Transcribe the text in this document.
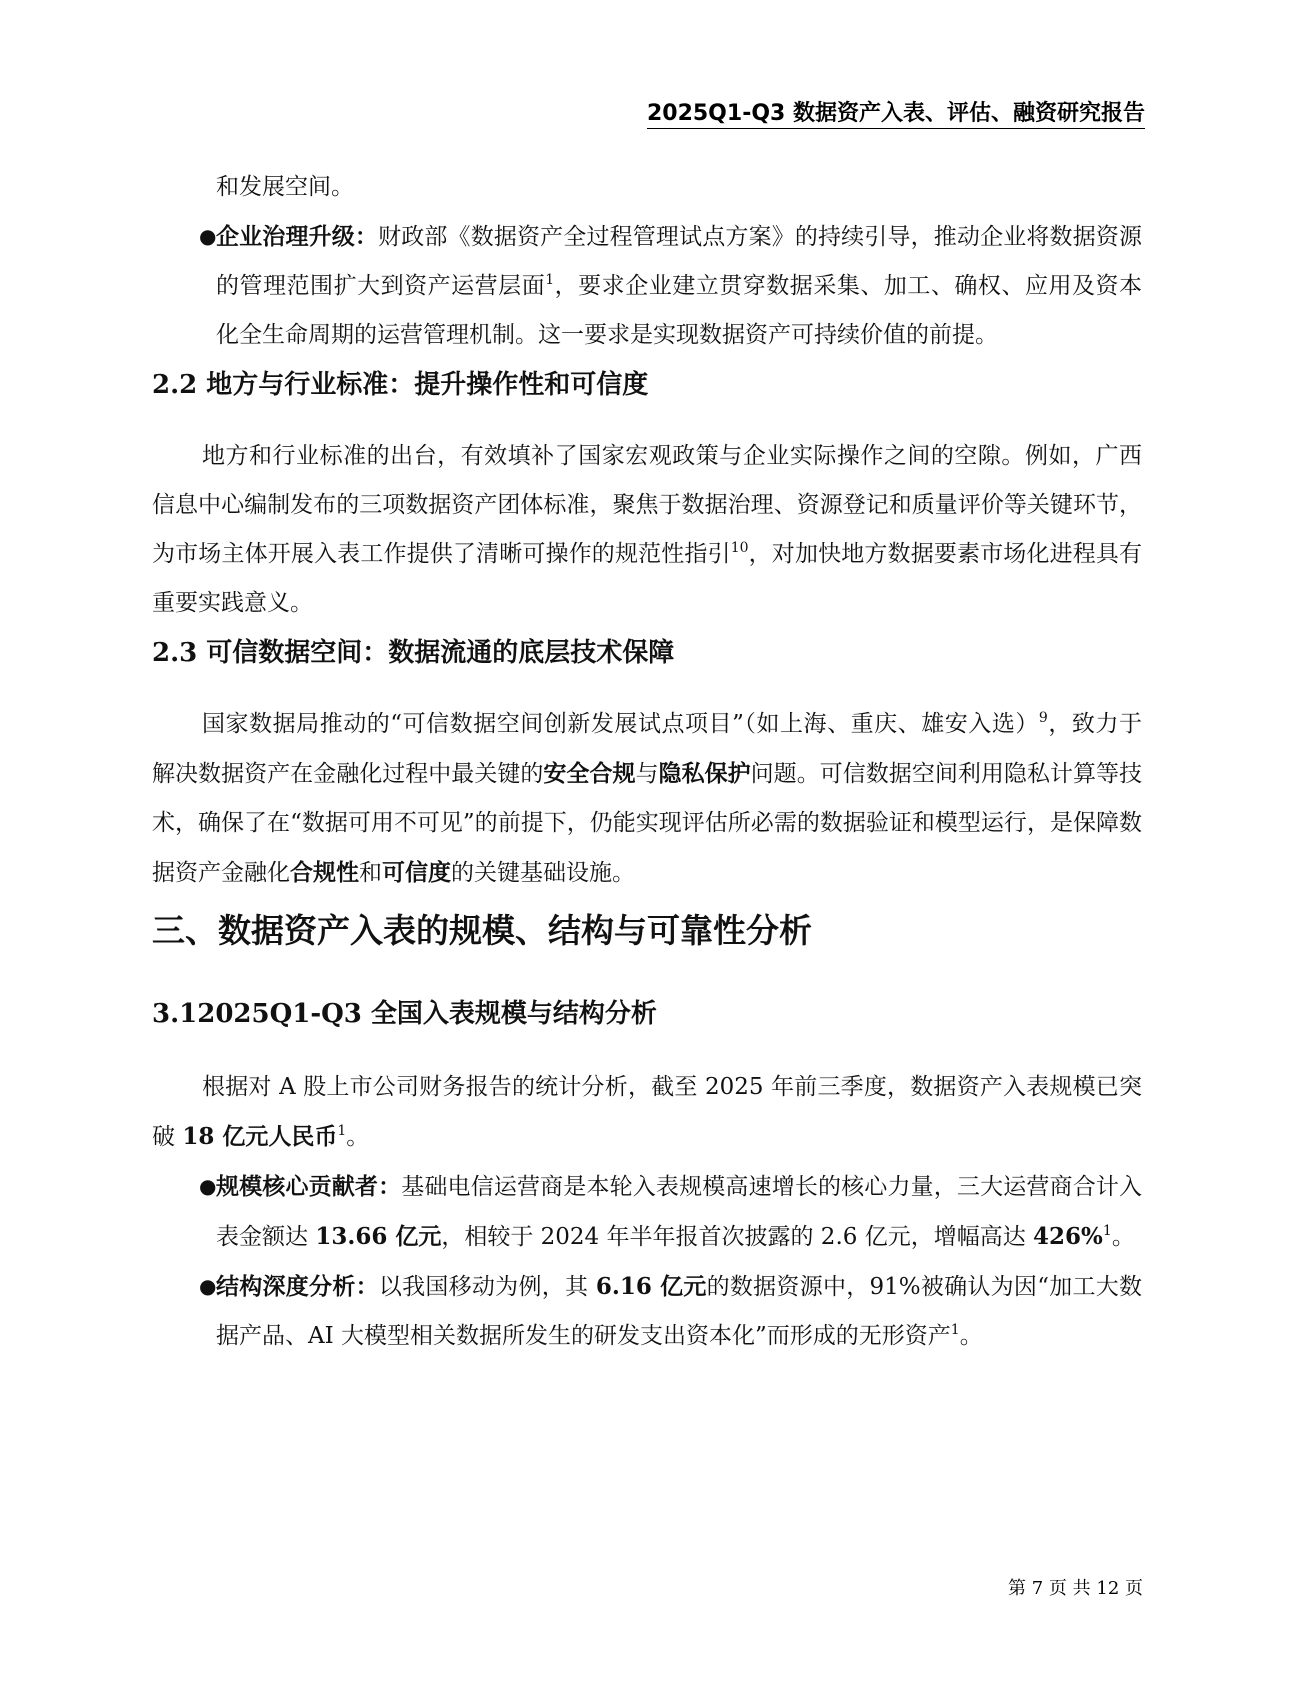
2025Q1-Q3 数据资产入表、评估、融资研究报告

和发展空间。

● 企业治理升级：财政部《数据资产全过程管理试点方案》的持续引导，推动企业将数据资源的管理范围扩大到资产运营层面$^1$，要求企业建立贯穿数据采集、加工、确权、应用及资本化全生命周期的运营管理机制。这一要求是实现数据资产可持续价值的前提。

2.2 地方与行业标准：提升操作性和可信度

地方和行业标准的出台，有效填补了国家宏观政策与企业实际操作之间的空隙。例如，广西信息中心编制发布的三项数据资产团体标准，聚焦于数据治理、资源登记和质量评价等关键环节，为市场主体开展入表工作提供了清晰可操作的规范性指引$^{10}$，对加快地方数据要素市场化进程具有重要实践意义。

2.3 可信数据空间：数据流通的底层技术保障

国家数据局推动的“可信数据空间创新发展试点项目”（如上海、重庆、雄安入选）$^9$，致力于解决数据资产在金融化过程中最关键的安全合规与隐私保护问题。可信数据空间利用隐私计算等技术，确保了在“数据可用不可见”的前提下，仍能实现评估所必需的数据验证和模型运行，是保障数据资产金融化合规性和可信度的关键基础设施。

三、数据资产入表的规模、结构与可靠性分析
3.12025Q1-Q3 全国入表规模与结构分析

根据对 A 股上市公司财务报告的统计分析，截至 2025 年前三季度，数据资产入表规模已突破 18 亿元人民币$^1$。

● 规模核心贡献者：基础电信运营商是本轮入表规模高速增长的核心力量，三大运营商合计入表金额达 13.66 亿元，相较于 2024 年半年报首次披露的 2.6 亿元，增幅高达 426%$^1$。

● 结构深度分析：以我国移动为例，其 6.16 亿元的数据资源中，91%被确认为因“加工大数据产品、AI 大模型相关数据所发生的研发支出资本化”而形成的无形资产$^1$。

第 7 页 共 12 页
